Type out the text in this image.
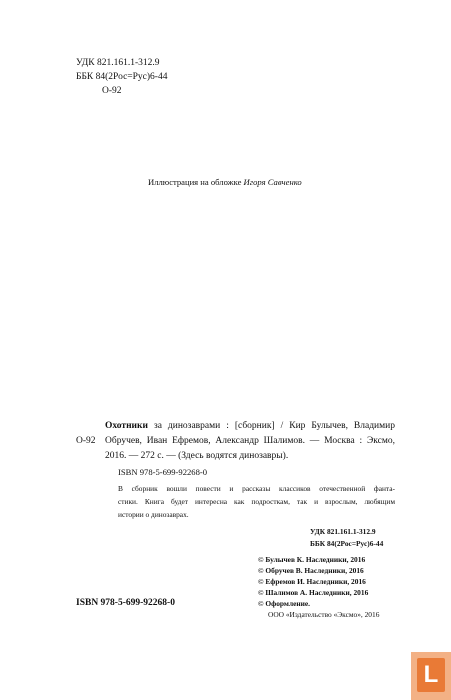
УДК 821.161.1-312.9
ББК 84(2Рос=Рус)6-44
О-92
Иллюстрация на обложке Игоря Савченко
О-92
Охотники за динозаврами : [сборник] / Кир Булычев, Владимир
Обручев, Иван Ефремов, Александр Шалимов. — Москва : Эксмо,
2016. — 272 с. — (Здесь водятся динозавры).
ISBN 978-5-699-92268-0
В сборник вошли повести и рассказы классиков отечественной фанта-
стики. Книга будет интересна как подросткам, так и взрослым, любящим
истории о динозаврах.
УДК 821.161.1-312.9
ББК 84(2Рос=Рус)6-44
© Булычев К. Наследники, 2016
© Обручев В. Наследники, 2016
© Ефремов И. Наследники, 2016
© Шалимов А. Наследники, 2016
© Оформление.
ООО «Издательство «Эксмо», 2016
ISBN 978-5-699-92268-0
L
